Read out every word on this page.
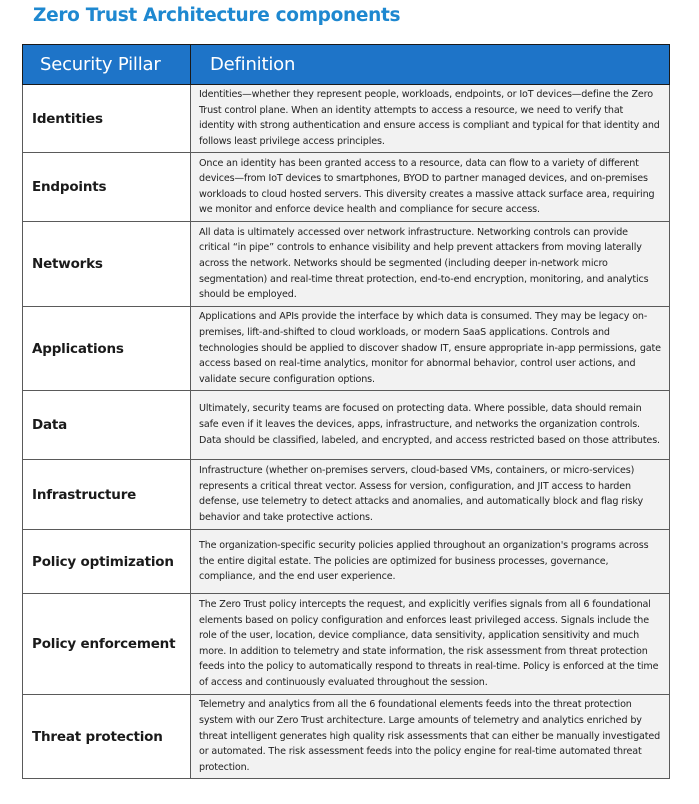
Zero Trust Architecture components
Security Pillar	Definition
Identities	Identities—whether they represent people, workloads, endpoints, or IoT devices—define the Zero Trust control plane. When an identity attempts to access a resource, we need to verify that identity with strong authentication and ensure access is compliant and typical for that identity and follows least privilege access principles.
Endpoints	Once an identity has been granted access to a resource, data can flow to a variety of different devices—from IoT devices to smartphones, BYOD to partner managed devices, and on-premises workloads to cloud hosted servers. This diversity creates a massive attack surface area, requiring we monitor and enforce device health and compliance for secure access.
Networks	All data is ultimately accessed over network infrastructure. Networking controls can provide critical “in pipe” controls to enhance visibility and help prevent attackers from moving laterally across the network. Networks should be segmented (including deeper in-network micro segmentation) and real-time threat protection, end-to-end encryption, monitoring, and analytics should be employed.
Applications	Applications and APIs provide the interface by which data is consumed. They may be legacy on-premises, lift-and-shifted to cloud workloads, or modern SaaS applications. Controls and technologies should be applied to discover shadow IT, ensure appropriate in-app permissions, gate access based on real-time analytics, monitor for abnormal behavior, control user actions, and validate secure configuration options.
Data	Ultimately, security teams are focused on protecting data. Where possible, data should remain safe even if it leaves the devices, apps, infrastructure, and networks the organization controls. Data should be classified, labeled, and encrypted, and access restricted based on those attributes.
Infrastructure	Infrastructure (whether on-premises servers, cloud-based VMs, containers, or micro-services) represents a critical threat vector. Assess for version, configuration, and JIT access to harden defense, use telemetry to detect attacks and anomalies, and automatically block and flag risky behavior and take protective actions.
Policy optimization	The organization-specific security policies applied throughout an organization's programs across the entire digital estate. The policies are optimized for business processes, governance, compliance, and the end user experience.
Policy enforcement	The Zero Trust policy intercepts the request, and explicitly verifies signals from all 6 foundational elements based on policy configuration and enforces least privileged access. Signals include the role of the user, location, device compliance, data sensitivity, application sensitivity and much more. In addition to telemetry and state information, the risk assessment from threat protection feeds into the policy to automatically respond to threats in real-time. Policy is enforced at the time of access and continuously evaluated throughout the session.
Threat protection	Telemetry and analytics from all the 6 foundational elements feeds into the threat protection system with our Zero Trust architecture. Large amounts of telemetry and analytics enriched by threat intelligent generates high quality risk assessments that can either be manually investigated or automated. The risk assessment feeds into the policy engine for real-time automated threat protection.
